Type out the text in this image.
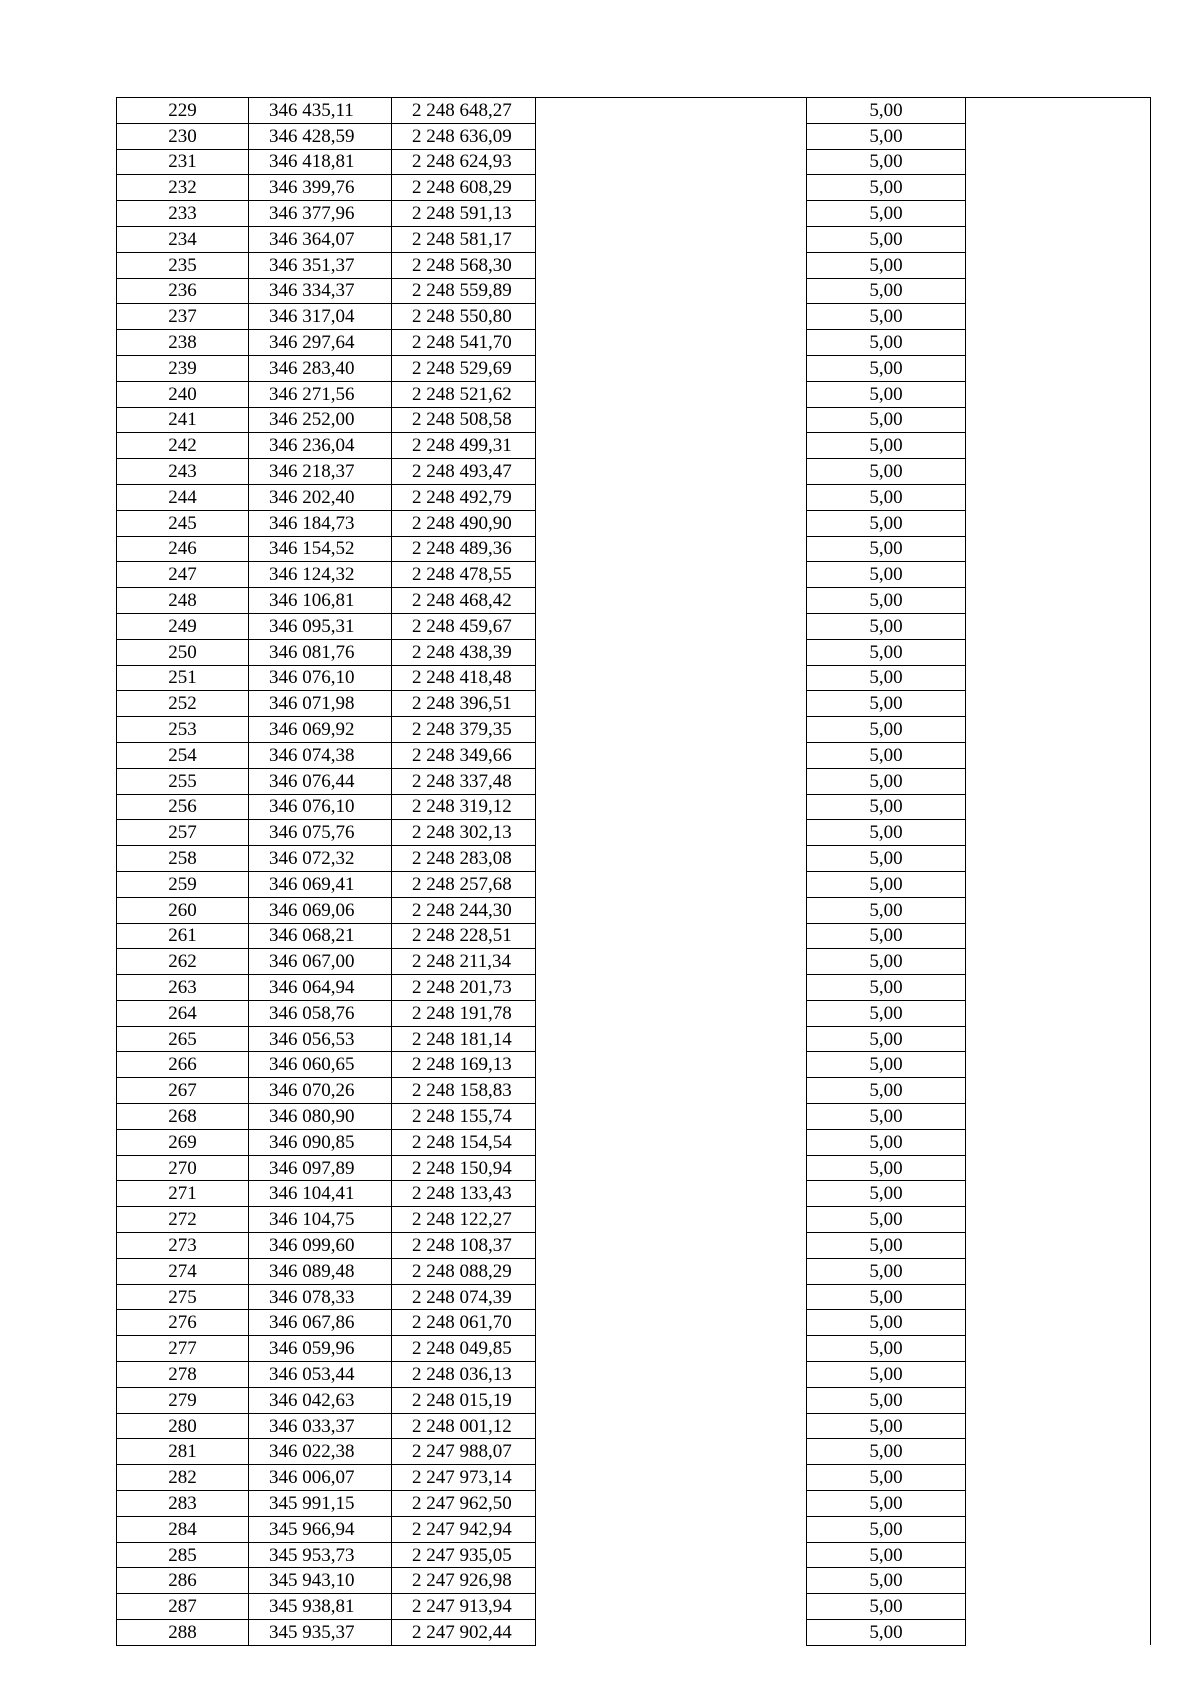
229	346 435,11	2 248 648,27		5,00	
230	346 428,59	2 248 636,09		5,00	
231	346 418,81	2 248 624,93		5,00	
232	346 399,76	2 248 608,29		5,00	
233	346 377,96	2 248 591,13		5,00	
234	346 364,07	2 248 581,17		5,00	
235	346 351,37	2 248 568,30		5,00	
236	346 334,37	2 248 559,89		5,00	
237	346 317,04	2 248 550,80		5,00	
238	346 297,64	2 248 541,70		5,00	
239	346 283,40	2 248 529,69		5,00	
240	346 271,56	2 248 521,62		5,00	
241	346 252,00	2 248 508,58		5,00	
242	346 236,04	2 248 499,31		5,00	
243	346 218,37	2 248 493,47		5,00	
244	346 202,40	2 248 492,79		5,00	
245	346 184,73	2 248 490,90		5,00	
246	346 154,52	2 248 489,36		5,00	
247	346 124,32	2 248 478,55		5,00	
248	346 106,81	2 248 468,42		5,00	
249	346 095,31	2 248 459,67		5,00	
250	346 081,76	2 248 438,39		5,00	
251	346 076,10	2 248 418,48		5,00	
252	346 071,98	2 248 396,51		5,00	
253	346 069,92	2 248 379,35		5,00	
254	346 074,38	2 248 349,66		5,00	
255	346 076,44	2 248 337,48		5,00	
256	346 076,10	2 248 319,12		5,00	
257	346 075,76	2 248 302,13		5,00	
258	346 072,32	2 248 283,08		5,00	
259	346 069,41	2 248 257,68		5,00	
260	346 069,06	2 248 244,30		5,00	
261	346 068,21	2 248 228,51		5,00	
262	346 067,00	2 248 211,34		5,00	
263	346 064,94	2 248 201,73		5,00	
264	346 058,76	2 248 191,78		5,00	
265	346 056,53	2 248 181,14		5,00	
266	346 060,65	2 248 169,13		5,00	
267	346 070,26	2 248 158,83		5,00	
268	346 080,90	2 248 155,74		5,00	
269	346 090,85	2 248 154,54		5,00	
270	346 097,89	2 248 150,94		5,00	
271	346 104,41	2 248 133,43		5,00	
272	346 104,75	2 248 122,27		5,00	
273	346 099,60	2 248 108,37		5,00	
274	346 089,48	2 248 088,29		5,00	
275	346 078,33	2 248 074,39		5,00	
276	346 067,86	2 248 061,70		5,00	
277	346 059,96	2 248 049,85		5,00	
278	346 053,44	2 248 036,13		5,00	
279	346 042,63	2 248 015,19		5,00	
280	346 033,37	2 248 001,12		5,00	
281	346 022,38	2 247 988,07		5,00	
282	346 006,07	2 247 973,14		5,00	
283	345 991,15	2 247 962,50		5,00	
284	345 966,94	2 247 942,94		5,00	
285	345 953,73	2 247 935,05		5,00	
286	345 943,10	2 247 926,98		5,00	
287	345 938,81	2 247 913,94		5,00	
288	345 935,37	2 247 902,44		5,00	
